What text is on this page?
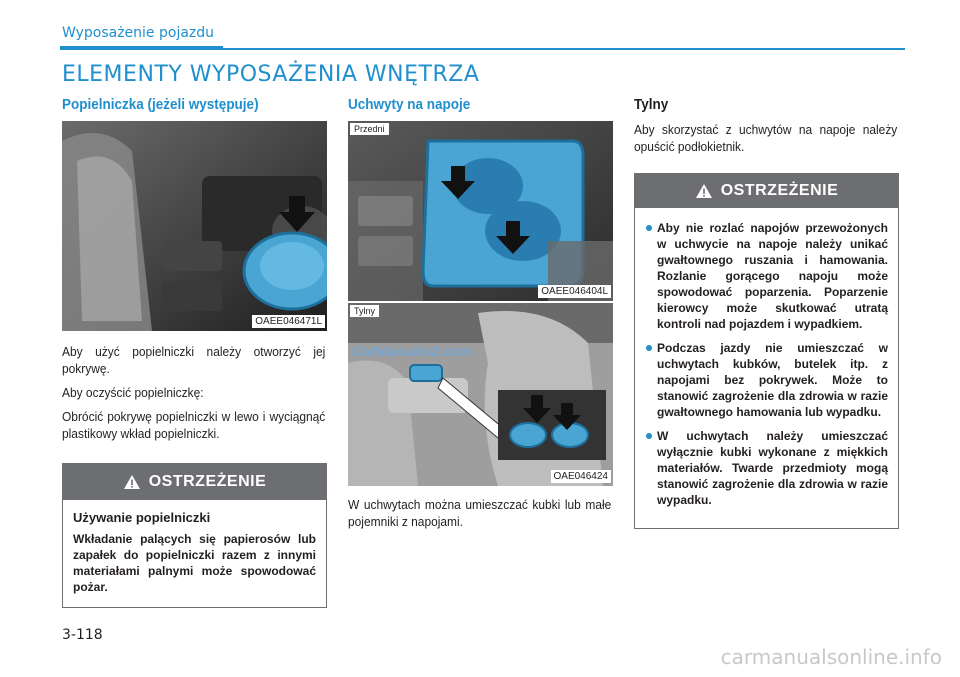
Wyposażenie pojazdu
ELEMENTY WYPOSAŻENIA WNĘTRZA
Popielniczka (jeżeli występuje)
OAEE046471L

Aby użyć popielniczki należy otworzyć jej pokrywę.

Aby oczyścić popielniczkę:

Obrócić pokrywę popielniczki w lewo i wyciągnąć plastikowy wkład popielniczki.

OSTRZEŻENIE

Używanie popielniczki

Wkładanie palących się papierosów lub zapałek do popielniczki razem z innymi materiałami palnymi może spowodować pożar.

Uchwyty na napoje
Przedni
OAEE046404L
Tylny
OAE046424

W uchwytach można umieszczać kubki lub małe pojemniki z napojami.

CarManuals2.com
Tylny

Aby skorzystać z uchwytów na napoje należy opuścić podłokietnik.

OSTRZEŻENIE
Aby nie rozlać napojów przewożonych w uchwycie na napoje należy unikać gwałtownego ruszania i hamowania. Rozlanie gorącego napoju może spowodować poparzenia. Poparzenie kierowcy może skutkować utratą kontroli nad pojazdem i wypadkiem.
Podczas jazdy nie umieszczać w uchwytach kubków, butelek itp. z napojami bez pokrywek. Może to stanowić zagrożenie dla zdrowia w razie gwałtownego hamowania lub wypadku.
W uchwytach należy umieszczać wyłącznie kubki wykonane z miękkich materiałów. Twarde przedmioty mogą stanowić zagrożenie dla zdrowia w razie wypadku.
3-118
carmanualsonline.info
